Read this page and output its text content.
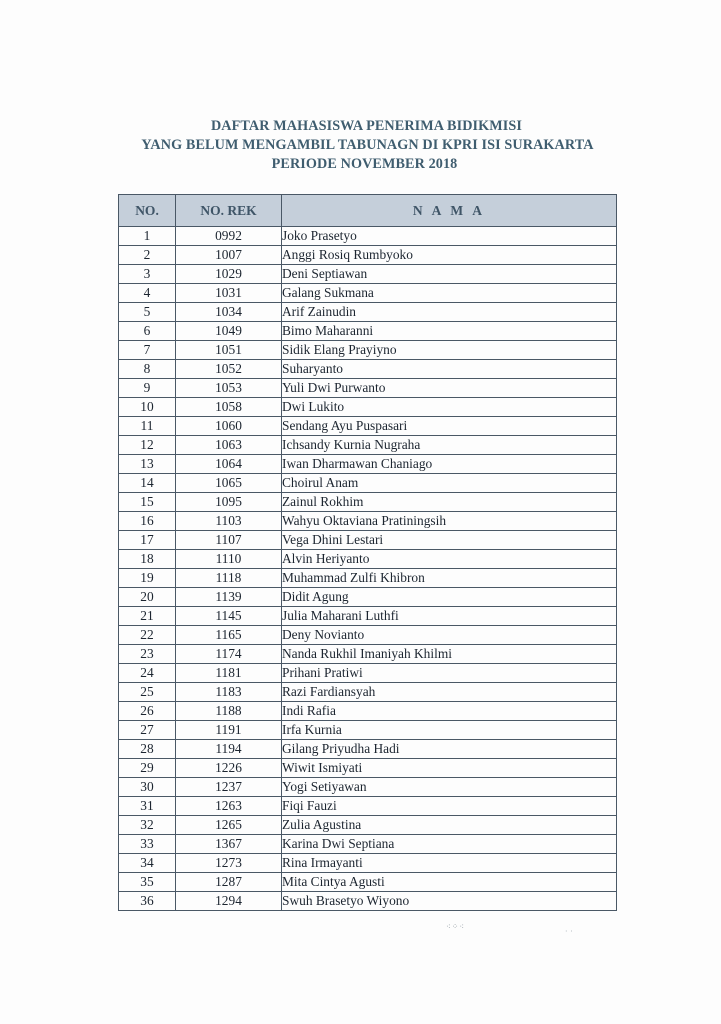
DAFTAR MAHASISWA PENERIMA BIDIKMISI
YANG BELUM MENGAMBIL TABUNAGN DI KPRI ISI SURAKARTA
PERIODE NOVEMBER 2018
NO.	NO. REK	N A M A
1	0992	Joko Prasetyo
2	1007	Anggi Rosiq Rumbyoko
3	1029	Deni Septiawan
4	1031	Galang Sukmana
5	1034	Arif Zainudin
6	1049	Bimo Maharanni
7	1051	Sidik Elang Prayiyno
8	1052	Suharyanto
9	1053	Yuli Dwi Purwanto
10	1058	Dwi Lukito
11	1060	Sendang Ayu Puspasari
12	1063	Ichsandy Kurnia Nugraha
13	1064	Iwan Dharmawan Chaniago
14	1065	Choirul Anam
15	1095	Zainul Rokhim
16	1103	Wahyu Oktaviana Pratiningsih
17	1107	Vega Dhini Lestari
18	1110	Alvin Heriyanto
19	1118	Muhammad Zulfi Khibron
20	1139	Didit Agung
21	1145	Julia Maharani Luthfi
22	1165	Deny Novianto
23	1174	Nanda Rukhil Imaniyah Khilmi
24	1181	Prihani Pratiwi
25	1183	Razi Fardiansyah
26	1188	Indi Rafia
27	1191	Irfa Kurnia
28	1194	Gilang Priyudha Hadi
29	1226	Wiwit Ismiyati
30	1237	Yogi Setiyawan
31	1263	Fiqi Fauzi
32	1265	Zulia Agustina
33	1367	Karina Dwi Septiana
34	1273	Rina Irmayanti
35	1287	Mita Cintya Agusti
36	1294	Swuh Brasetyo Wiyono
⁖⁘⁖
· ·
